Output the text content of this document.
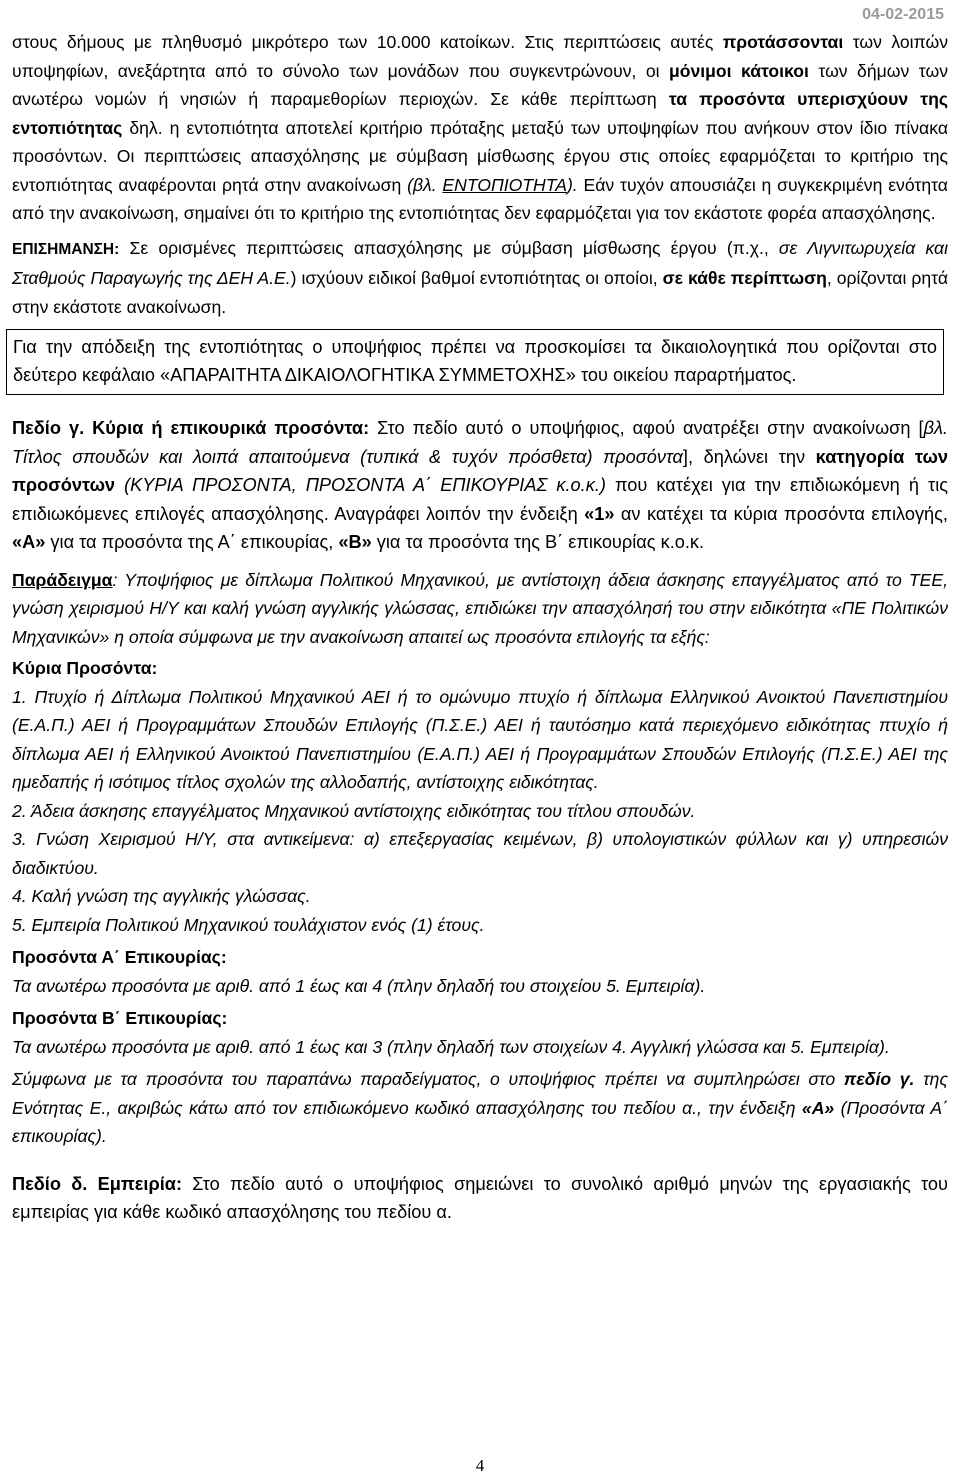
04-02-2015

στους δήμους με πληθυσμό μικρότερο των 10.000 κατοίκων. Στις περιπτώσεις αυτές προτάσσονται των λοιπών υποψηφίων, ανεξάρτητα από το σύνολο των μονάδων που συγκεντρώνουν, οι μόνιμοι κάτοικοι των δήμων των ανωτέρω νομών ή νησιών ή παραμεθορίων περιοχών. Σε κάθε περίπτωση τα προσόντα υπερισχύουν της εντοπιότητας δηλ. η εντοπιότητα αποτελεί κριτήριο πρόταξης μεταξύ των υποψηφίων που ανήκουν στον ίδιο πίνακα προσόντων. Οι περιπτώσεις απασχόλησης με σύμβαση μίσθωσης έργου στις οποίες εφαρμόζεται το κριτήριο της εντοπιότητας αναφέρονται ρητά στην ανακοίνωση (βλ. ΕΝΤΟΠΙΟΤΗΤΑ). Εάν τυχόν απουσιάζει η συγκεκριμένη ενότητα από την ανακοίνωση, σημαίνει ότι το κριτήριο της εντοπιότητας δεν εφαρμόζεται για τον εκάστοτε φορέα απασχόλησης.

ΕΠΙΣΗΜΑΝΣΗ: Σε ορισμένες περιπτώσεις απασχόλησης με σύμβαση μίσθωσης έργου (π.χ., σε Λιγνιτωρυχεία και Σταθμούς Παραγωγής της ΔΕΗ Α.Ε.) ισχύουν ειδικοί βαθμοί εντοπιότητας οι οποίοι, σε κάθε περίπτωση, ορίζονται ρητά στην εκάστοτε ανακοίνωση.

Για την απόδειξη της εντοπιότητας ο υποψήφιος πρέπει να προσκομίσει τα δικαιολογητικά που ορίζονται στο δεύτερο κεφάλαιο «ΑΠΑΡΑΙΤΗΤΑ ΔΙΚΑΙΟΛΟΓΗΤΙΚΑ ΣΥΜΜΕΤΟΧΗΣ» του οικείου παραρτήματος.

Πεδίο γ. Κύρια ή επικουρικά προσόντα: Στο πεδίο αυτό ο υποψήφιος, αφού ανατρέξει στην ανακοίνωση [βλ. Τίτλος σπουδών και λοιπά απαιτούμενα (τυπικά & τυχόν πρόσθετα) προσόντα], δηλώνει την κατηγορία των προσόντων (ΚΥΡΙΑ ΠΡΟΣΟΝΤΑ, ΠΡΟΣΟΝΤΑ Α΄ ΕΠΙΚΟΥΡΙΑΣ κ.ο.κ.) που κατέχει για την επιδιωκόμενη ή τις επιδιωκόμενες επιλογές απασχόλησης. Αναγράφει λοιπόν την ένδειξη «1» αν κατέχει τα κύρια προσόντα επιλογής, «Α» για τα προσόντα της Α΄ επικουρίας, «Β» για τα προσόντα της Β΄ επικουρίας κ.ο.κ.

Παράδειγμα: Υποψήφιος με δίπλωμα Πολιτικού Μηχανικού, με αντίστοιχη άδεια άσκησης επαγγέλματος από το ΤΕΕ, γνώση χειρισμού Η/Υ και καλή γνώση αγγλικής γλώσσας, επιδιώκει την απασχόλησή του στην ειδικότητα «ΠΕ Πολιτικών Μηχανικών» η οποία σύμφωνα με την ανακοίνωση απαιτεί ως προσόντα επιλογής τα εξής:

Κύρια Προσόντα:

1. Πτυχίο ή Δίπλωμα Πολιτικού Μηχανικού ΑΕΙ ή το ομώνυμο πτυχίο ή δίπλωμα Ελληνικού Ανοικτού Πανεπιστημίου (Ε.Α.Π.) ΑΕΙ ή Προγραμμάτων Σπουδών Επιλογής (Π.Σ.Ε.) ΑΕΙ ή ταυτόσημο κατά περιεχόμενο ειδικότητας πτυχίο ή δίπλωμα ΑΕΙ ή Ελληνικού Ανοικτού Πανεπιστημίου (Ε.Α.Π.) ΑΕΙ ή Προγραμμάτων Σπουδών Επιλογής (Π.Σ.Ε.) ΑΕΙ της ημεδαπής ή ισότιμος τίτλος σχολών της αλλοδαπής, αντίστοιχης ειδικότητας.

2. Άδεια άσκησης επαγγέλματος Μηχανικού αντίστοιχης ειδικότητας του τίτλου σπουδών.

3. Γνώση Χειρισμού Η/Υ, στα αντικείμενα: α) επεξεργασίας κειμένων, β) υπολογιστικών φύλλων και γ) υπηρεσιών διαδικτύου.

4. Καλή γνώση της αγγλικής γλώσσας.

5. Εμπειρία Πολιτικού Μηχανικού τουλάχιστον ενός (1) έτους.

Προσόντα Α΄ Επικουρίας:

Τα ανωτέρω προσόντα με αριθ. από 1 έως και 4 (πλην δηλαδή του στοιχείου 5. Εμπειρία).

Προσόντα Β΄ Επικουρίας:

Τα ανωτέρω προσόντα με αριθ. από 1 έως και 3 (πλην δηλαδή των στοιχείων 4. Αγγλική γλώσσα και 5. Εμπειρία).

Σύμφωνα με τα προσόντα του παραπάνω παραδείγματος, ο υποψήφιος πρέπει να συμπληρώσει στο πεδίο γ. της Ενότητας Ε., ακριβώς κάτω από τον επιδιωκόμενο κωδικό απασχόλησης του πεδίου α., την ένδειξη «Α» (Προσόντα Α΄ επικουρίας).

Πεδίο δ. Εμπειρία: Στο πεδίο αυτό ο υποψήφιος σημειώνει το συνολικό αριθμό μηνών της εργασιακής του εμπειρίας για κάθε κωδικό απασχόλησης του πεδίου α.

4
